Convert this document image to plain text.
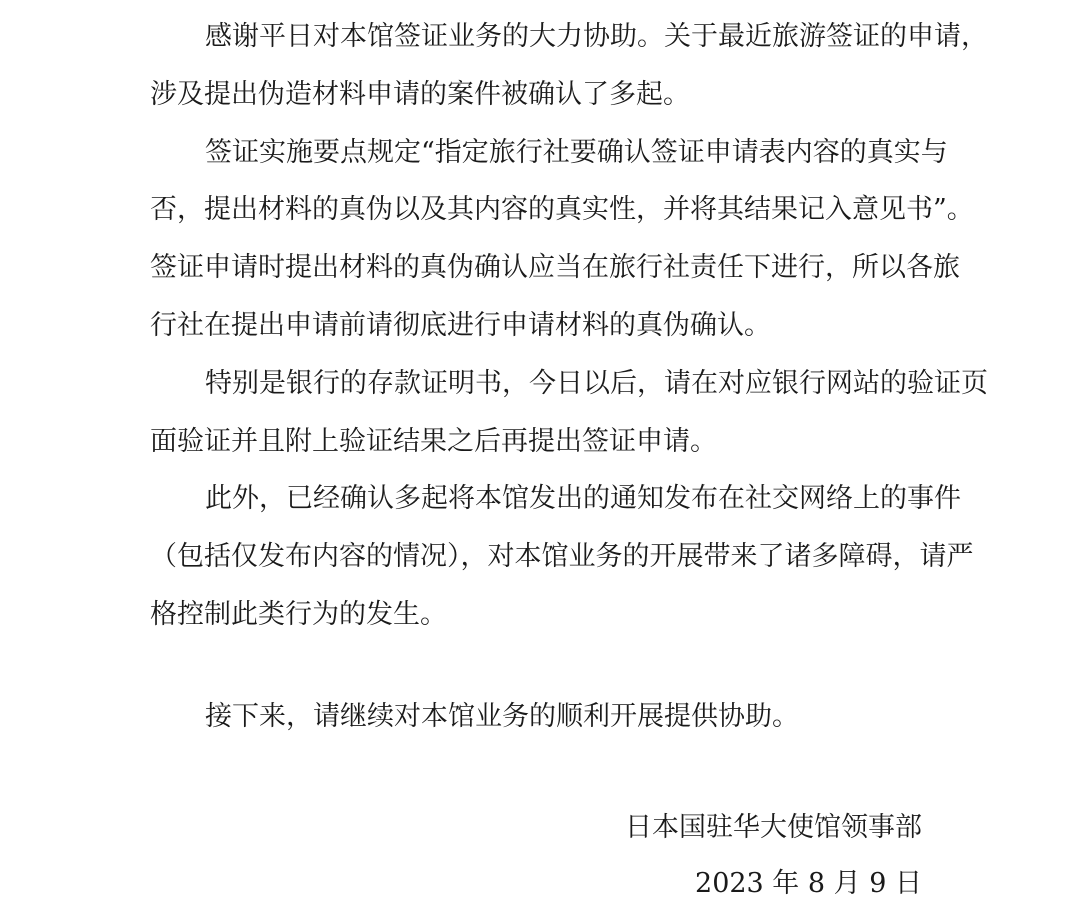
感谢平日对本馆签证业务的大力协助。关于最近旅游签证的申请，
涉及提出伪造材料申请的案件被确认了多起。
签证实施要点规定“指定旅行社要确认签证申请表内容的真实与
否，提出材料的真伪以及其内容的真实性，并将其结果记入意见书”。
签证申请时提出材料的真伪确认应当在旅行社责任下进行，所以各旅
行社在提出申请前请彻底进行申请材料的真伪确认。
特别是银行的存款证明书，今日以后，请在对应银行网站的验证页
面验证并且附上验证结果之后再提出签证申请。
此外，已经确认多起将本馆发出的通知发布在社交网络上的事件
（包括仅发布内容的情况），对本馆业务的开展带来了诸多障碍，请严
格控制此类行为的发生。
接下来，请继续对本馆业务的顺利开展提供协助。
日本国驻华大使馆领事部
2023 年 8 月 9 日
